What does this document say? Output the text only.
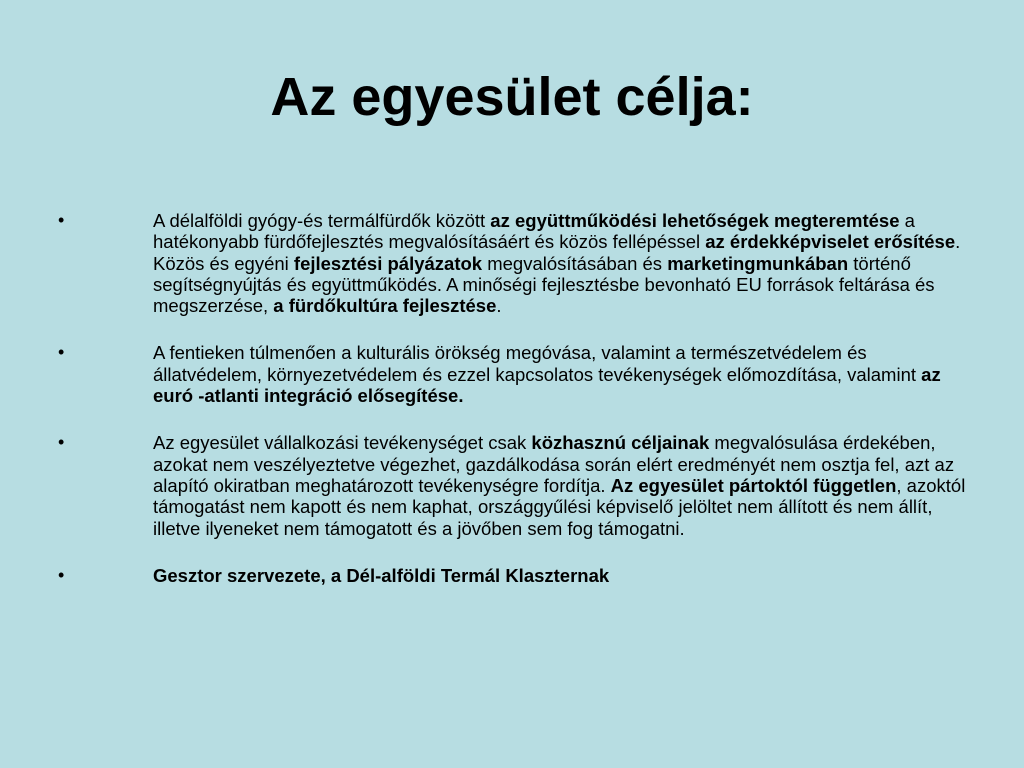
Az egyesület célja:
•	A délalföldi gyógy-és termálfürdők között az együttműködési lehetőségek megteremtése a hatékonyabb fürdőfejlesztés megvalósításáért és közös fellépéssel az érdekképviselet erősítése. Közös és egyéni fejlesztési pályázatok megvalósításában és marketingmunkában történő segítségnyújtás és együttműködés. A minőségi fejlesztésbe bevonható EU források feltárása és megszerzése, a fürdőkultúra fejlesztése.
•	A fentieken túlmenően a kulturális örökség megóvása, valamint a természetvédelem és állatvédelem, környezetvédelem és ezzel kapcsolatos tevékenységek előmozdítása, valamint az euró -atlanti integráció elősegítése.
•	Az egyesület vállalkozási tevékenységet csak közhasznú céljainak megvalósulása érdekében, azokat nem veszélyeztetve végezhet, gazdálkodása során elért eredményét nem osztja fel, azt az alapító okiratban meghatározott tevékenységre fordítja. Az egyesület pártoktól független, azoktól támogatást nem kapott és nem kaphat, országgyűlési képviselő jelöltet nem állított és nem állít, illetve ilyeneket nem támogatott és a jövőben sem fog támogatni.
•	Gesztor szervezete, a Dél-alföldi Termál Klaszternak
